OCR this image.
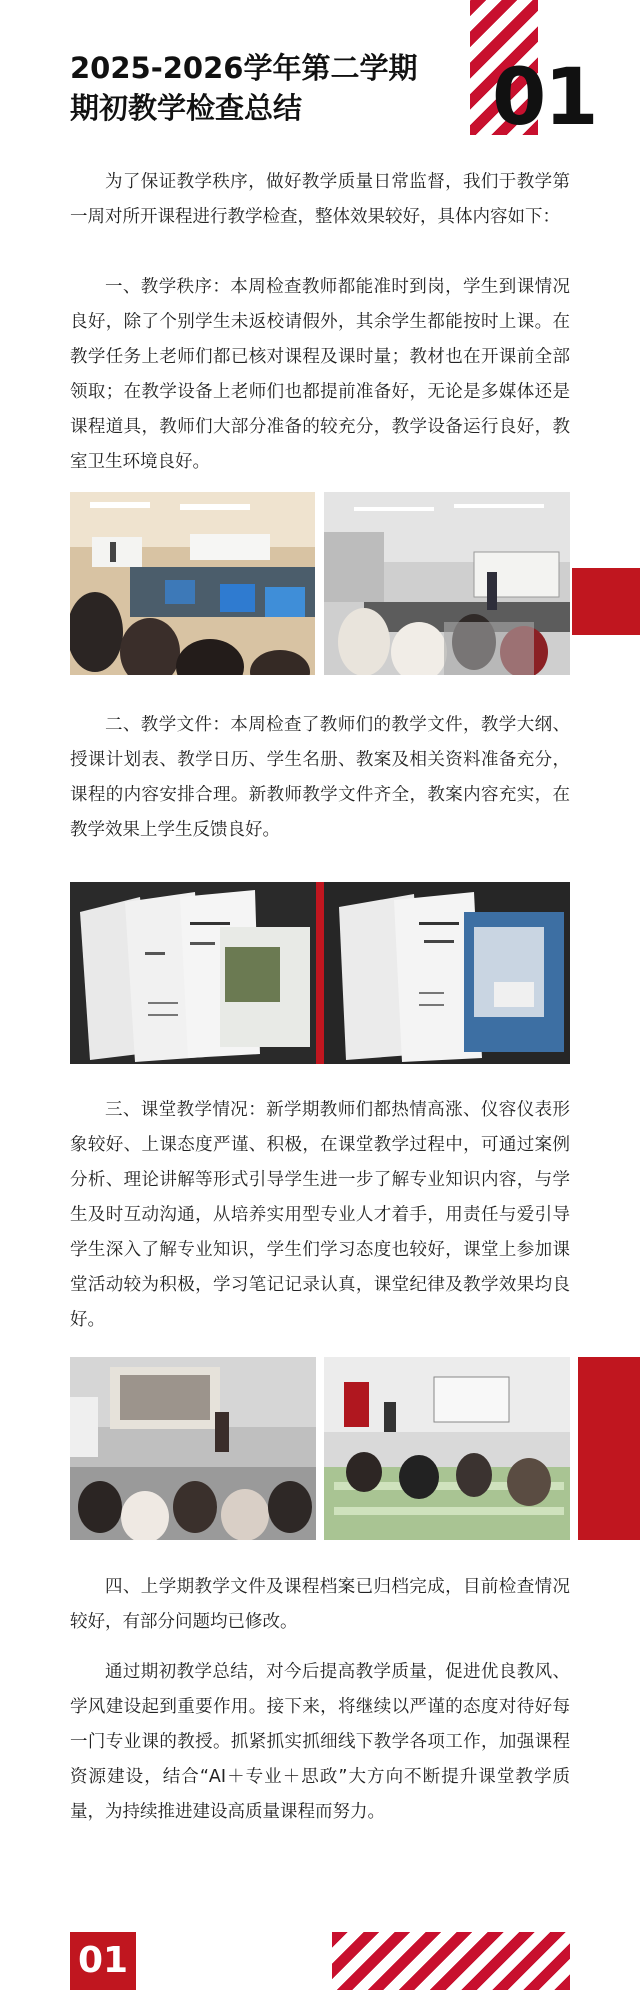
2025-2026学年第二学期期初教学检查总结	01

为了保证教学秩序，做好教学质量日常监督，我们于教学第一周对所开课程进行教学检查，整体效果较好，具体内容如下：

一、教学秩序：本周检查教师都能准时到岗，学生到课情况良好，除了个别学生未返校请假外，其余学生都能按时上课。在教学任务上老师们都已核对课程及课时量；教材也在开课前全部领取；在教学设备上老师们也都提前准备好，无论是多媒体还是课程道具，教师们大部分准备的较充分，教学设备运行良好，教室卫生环境良好。

二、教学文件：本周检查了教师们的教学文件，教学大纲、授课计划表、教学日历、学生名册、教案及相关资料准备充分，课程的内容安排合理。新教师教学文件齐全，教案内容充实，在教学效果上学生反馈良好。

三、课堂教学情况：新学期教师们都热情高涨、仪容仪表形象较好、上课态度严谨、积极，在课堂教学过程中，可通过案例分析、理论讲解等形式引导学生进一步了解专业知识内容，与学生及时互动沟通，从培养实用型专业人才着手，用责任与爱引导学生深入了解专业知识，学生们学习态度也较好，课堂上参加课堂活动较为积极，学习笔记记录认真，课堂纪律及教学效果均良好。

四、上学期教学文件及课程档案已归档完成，目前检查情况较好，有部分问题均已修改。

通过期初教学总结，对今后提高教学质量，促进优良教风、学风建设起到重要作用。接下来，将继续以严谨的态度对待好每一门专业课的教授。抓紧抓实抓细线下教学各项工作，加强课程资源建设，结合“AI＋专业＋思政”大方向不断提升课堂教学质量，为持续推进建设高质量课程而努力。

01
